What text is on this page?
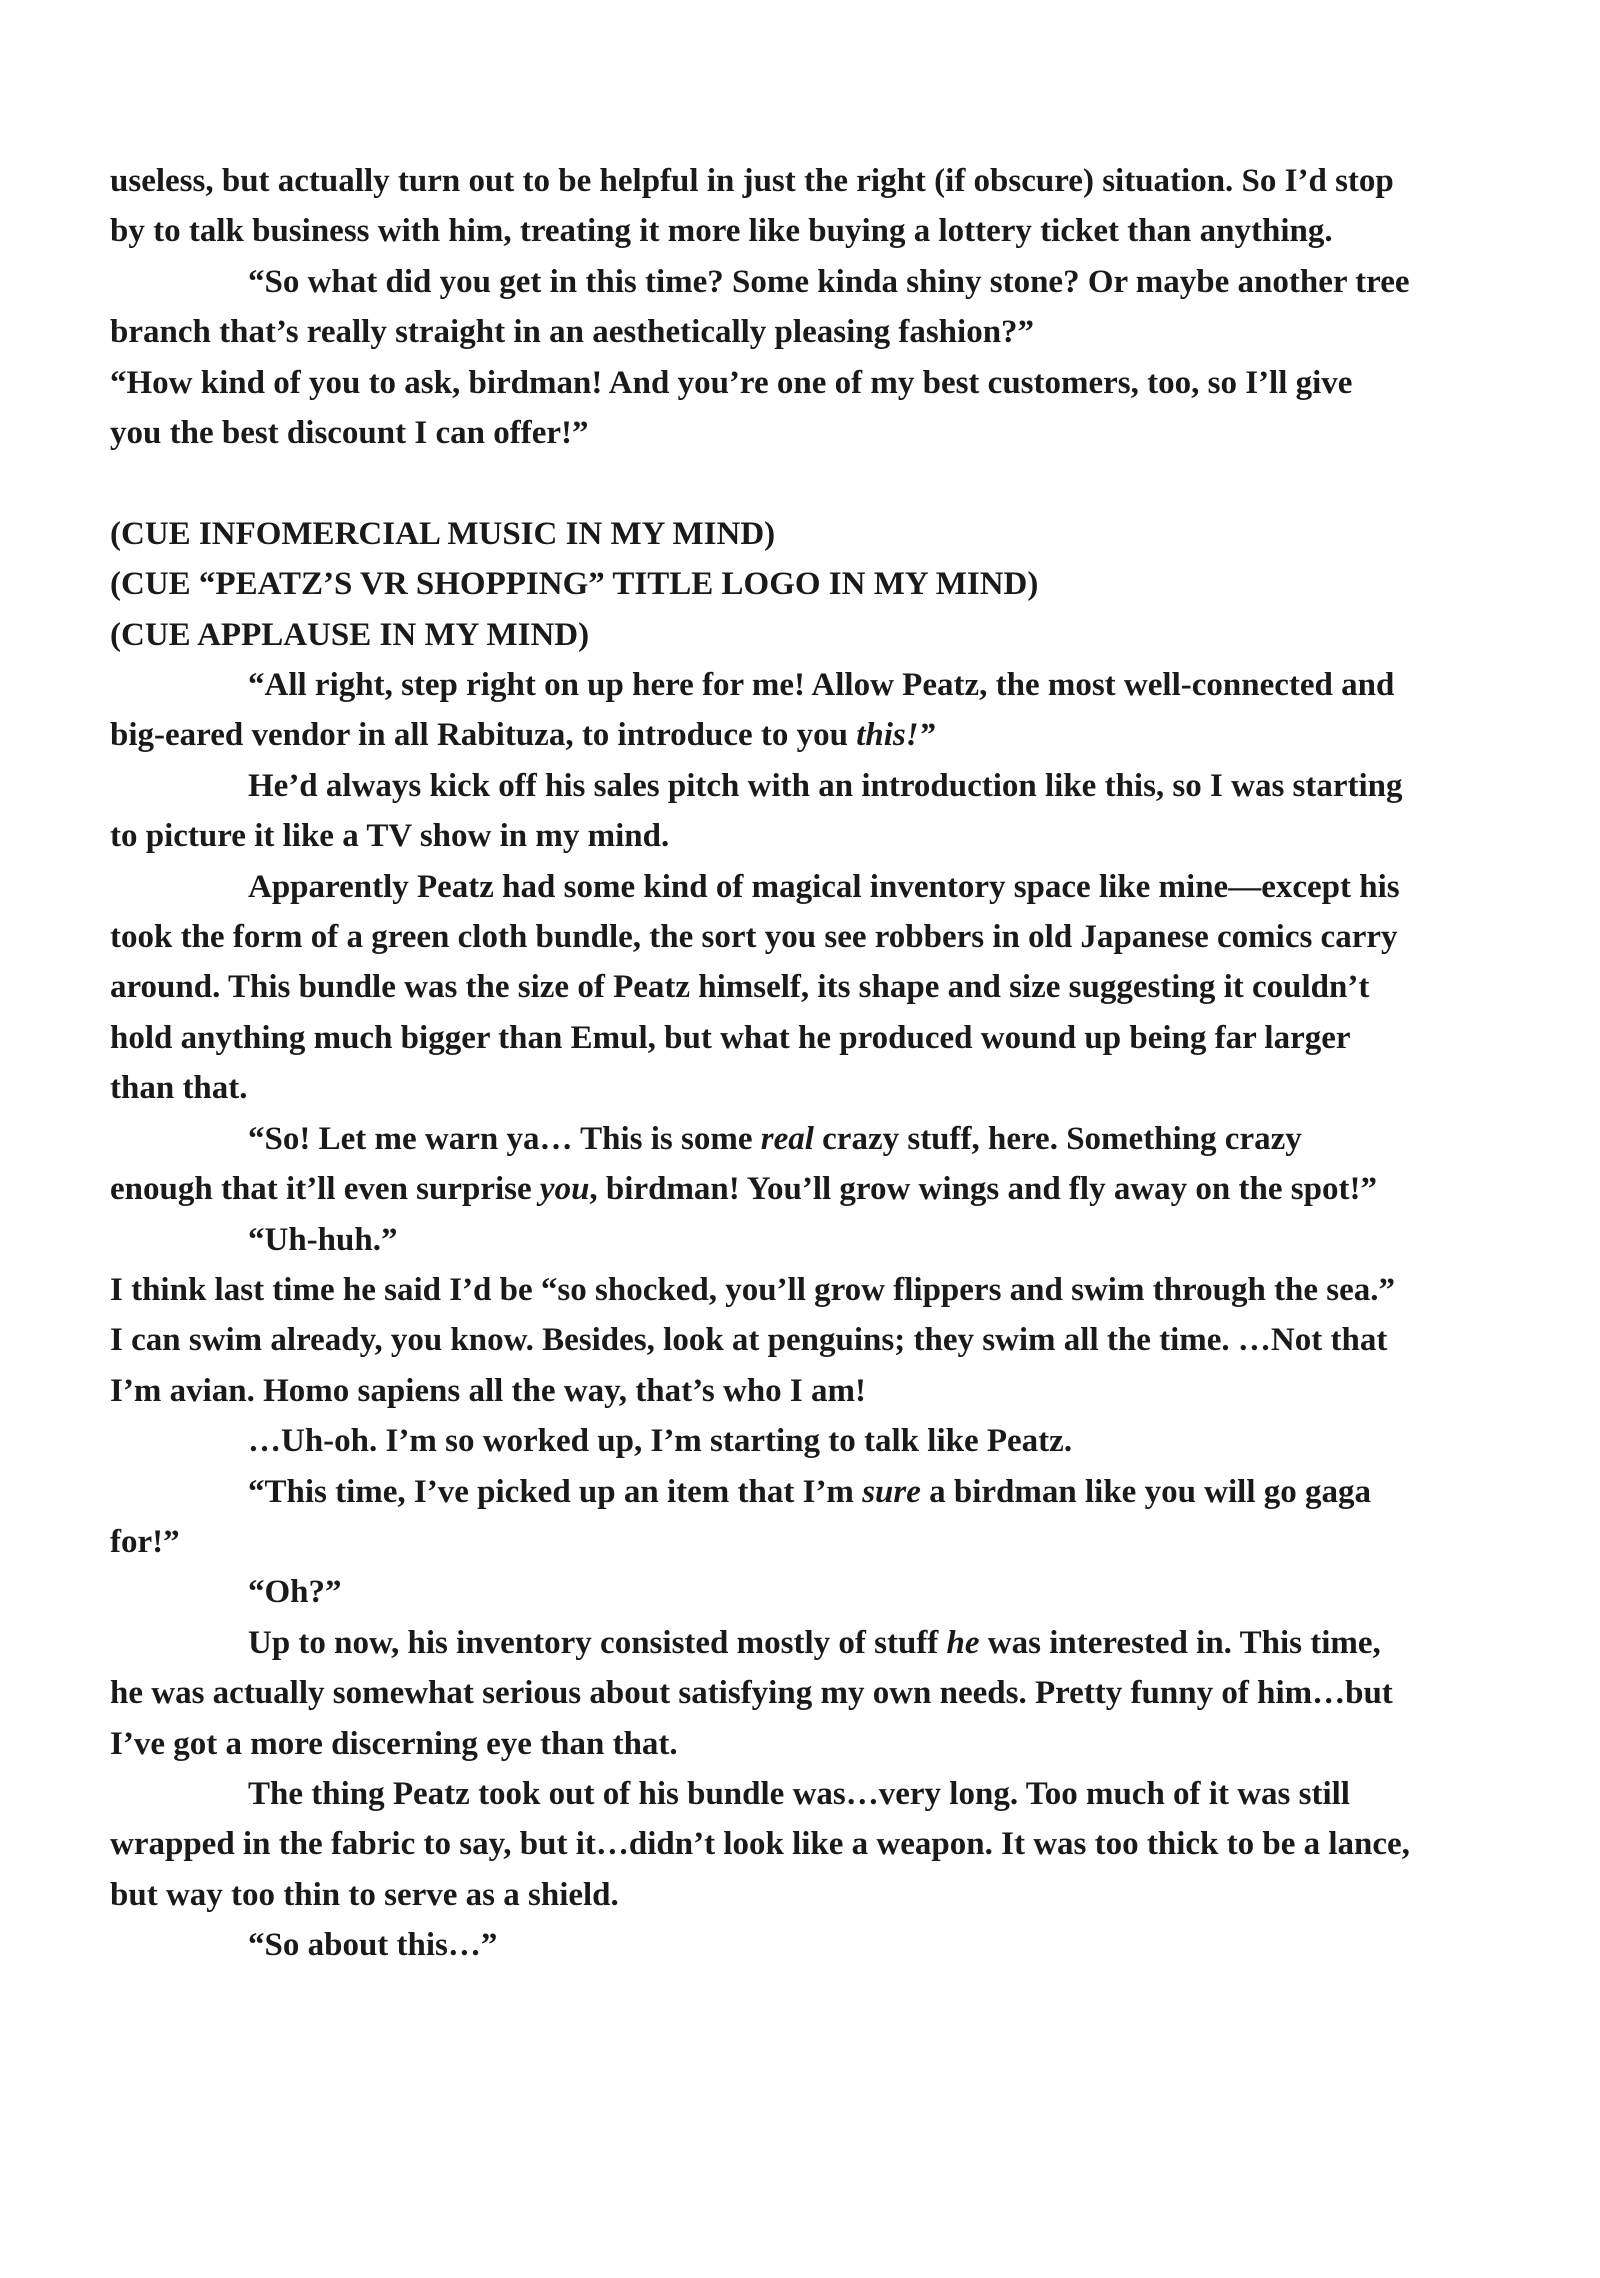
useless, but actually turn out to be helpful in just the right (if obscure) situation. So I’d stop by to talk business with him, treating it more like buying a lottery ticket than anything.

“So what did you get in this time? Some kinda shiny stone? Or maybe another tree branch that’s really straight in an aesthetically pleasing fashion?”

“How kind of you to ask, birdman! And you’re one of my best customers, too, so I’ll give you the best discount I can offer!”

(CUE INFOMERCIAL MUSIC IN MY MIND)

(CUE “PEATZ’S VR SHOPPING” TITLE LOGO IN MY MIND)

(CUE APPLAUSE IN MY MIND)

“All right, step right on up here for me! Allow Peatz, the most well-connected and big-eared vendor in all Rabituza, to introduce to you this!”

He’d always kick off his sales pitch with an introduction like this, so I was starting to picture it like a TV show in my mind.

Apparently Peatz had some kind of magical inventory space like mine—except his took the form of a green cloth bundle, the sort you see robbers in old Japanese comics carry around. This bundle was the size of Peatz himself, its shape and size suggesting it couldn’t hold anything much bigger than Emul, but what he produced wound up being far larger than that.

“So! Let me warn ya… This is some real crazy stuff, here. Something crazy enough that it’ll even surprise you, birdman! You’ll grow wings and fly away on the spot!”

“Uh-huh.”

I think last time he said I’d be “so shocked, you’ll grow flippers and swim through the sea.” I can swim already, you know. Besides, look at penguins; they swim all the time. …Not that I’m avian. Homo sapiens all the way, that’s who I am!

…Uh-oh. I’m so worked up, I’m starting to talk like Peatz.

“This time, I’ve picked up an item that I’m sure a birdman like you will go gaga for!”

“Oh?”

Up to now, his inventory consisted mostly of stuff he was interested in. This time, he was actually somewhat serious about satisfying my own needs. Pretty funny of him…but I’ve got a more discerning eye than that.

The thing Peatz took out of his bundle was…very long. Too much of it was still wrapped in the fabric to say, but it…didn’t look like a weapon. It was too thick to be a lance, but way too thin to serve as a shield.

“So about this…”
